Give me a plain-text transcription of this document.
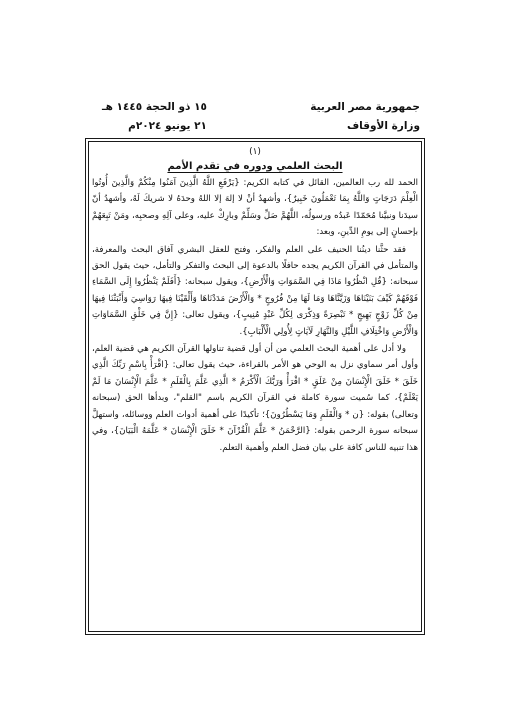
جمهورية مصر العربية
وزارة الأوقاف
١٥ ذو الحجة ١٤٤٥ هـ
٢١ يونيو ٢٠٢٤م
(١)
البحث العلمي ودوره في تقدم الأمم

الحمد لله رب العالمين، القائل في كتابه الكريم: {يَرْفَعِ اللَّهُ الَّذِينَ آمَنُوا مِنْكُمْ وَالَّذِينَ أُوتُوا الْعِلْمَ دَرَجَاتٍ وَاللَّهُ بِمَا تَعْمَلُونَ خَبِيرٌ}، وأشهدُ أنْ لا إلهَ إلا اللهُ وحدَهُ لا شريكَ لَهُ، وأشهدُ أنّ سيدَنا ونبيَّنا مُحَمّدًا عَبدُه ورسولُه، اللَّهُمَّ صَلِّ وسَلِّمْ وبارِكْ عليه، وعلى آلِهِ وصحبِه، ومَنْ تَبِعَهُمْ بإحسانٍ إلى يومِ الدِّينِ، وبعد:

فقد حثَّنا دينُنا الحنيف على العلم والفكر، وفتح للعقل البشري آفاق البحث والمعرفة، والمتأمل في القرآن الكريم يجده حافلًا بالدعوة إلى البحث والتفكر والتأمل، حيث يقول الحق سبحانه: {قُلِ انْظُرُوا مَاذَا فِي السَّمَوَاتِ وَالْأَرْضِ}، ويقول سبحانه: {أَفَلَمْ يَنْظُرُوا إِلَى السَّمَاءِ فَوْقَهُمْ كَيْفَ بَنَيْنَاهَا وَزَيَّنَّاهَا وَمَا لَهَا مِنْ فُرُوجٍ * وَالْأَرْضَ مَدَدْنَاهَا وَأَلْقَيْنَا فِيهَا رَوَاسِيَ وَأَنْبَتْنَا فِيهَا مِنْ كُلِّ زَوْجٍ بَهِيجٍ * تَبْصِرَةً وَذِكْرَى لِكُلِّ عَبْدٍ مُنِيبٍ}، ويقول تعالى: {إِنَّ فِي خَلْقِ السَّمَاوَاتِ وَالْأَرْضِ وَاخْتِلَافِ اللَّيْلِ وَالنَّهَارِ لَآيَاتٍ لِأُولِي الْأَلْبَابِ}.

ولا أدل على أهمية البحث العلمي من أن أول قضية تناولها القرآن الكريم هي قضية العلم، وأول أمر سماوي نزل به الوحي هو الأمر بالقراءة، حيث يقول تعالى: {اقْرَأْ بِاسْمِ رَبِّكَ الَّذِي خَلَقَ * خَلَقَ الْإِنْسَانَ مِنْ عَلَقٍ * اقْرَأْ وَرَبُّكَ الْأَكْرَمُ * الَّذِي عَلَّمَ بِالْقَلَمِ * عَلَّمَ الْإِنْسَانَ مَا لَمْ يَعْلَمْ}، كما سُميت سورة كاملة في القرآن الكريم باسم "القلم"، وبدأها الحق (سبحانه وتعالى) بقوله: {ن * وَالْقَلَمِ وَمَا يَسْطُرُونَ}؛ تأكيدًا على أهمية أدوات العلم ووسائله، واستهلَّ سبحانه سورة الرحمن بقوله: {الرَّحْمَنُ * عَلَّمَ الْقُرْآنَ * خَلَقَ الْإِنْسَانَ * عَلَّمَهُ الْبَيَانَ}، وفي هذا تنبيه للناس كافة على بيان فضل العلم وأهمية التعلم.
